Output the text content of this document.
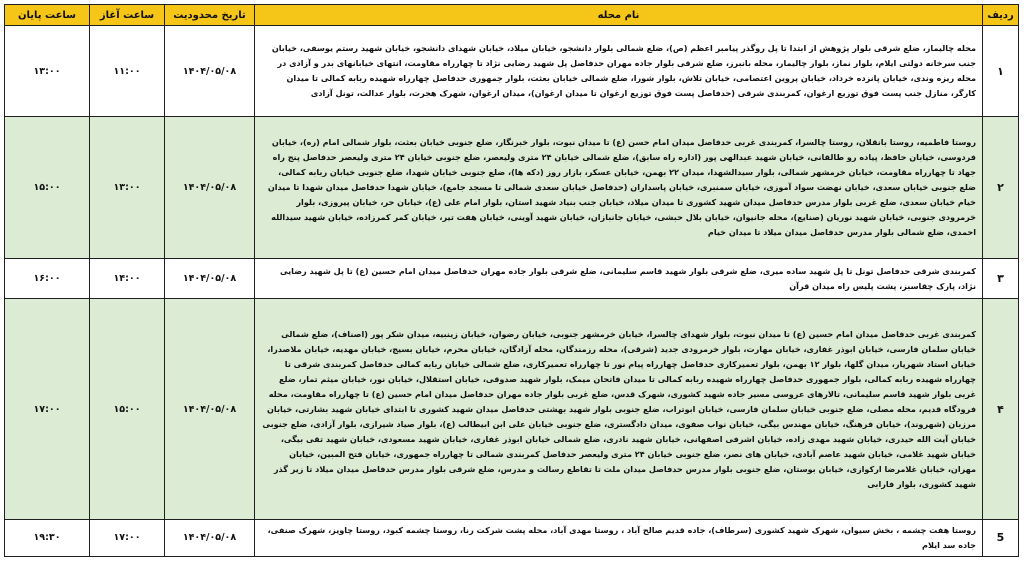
ردیف	نام محله	تاریخ محدودیت	ساعت آغاز	ساعت پایان
۱	محله چالیمار، ضلع شرقی بلوار پژوهش از ابتدا تا پل روگذر پیامبر اعظم (ص)، ضلع شمالی بلوار دانشجو، خیابان میلاد، خیابان شهدای دانشجو، خیابان شهید رستم یوسفی، خیابان جنب سرخانه دولتی ایلام، بلوار نماز، بلوار چالیمار، محله بانبرز، ضلع شرقی بلوار جاده مهران حدفاصل پل شهید رضایی نژاد تا چهارراه مقاومت، انتهای خیابانهای بدر و آزادی در محله ریزه وندی، خیابان پانزده خرداد، خیابان پروین اعتصامی، خیابان تلاش، بلوار شورا، ضلع شمالی خیابان بعثت، بلوار جمهوری حدفاصل چهارراه شهیده ربابه کمالی تا میدان کارگر، منازل جنب پست فوق توزیع ارغوان، کمربندی شرقی (حدفاصل پست فوق توزیع ارغوان تا میدان ارغوان)، میدان ارغوان، شهرک هجرت، بلوار عدالت، تونل آزادی	۱۴۰۴/۰۵/۰۸	۱۱:۰۰	۱۳:۰۰
۲	روستا فاطمیه، روستا بانقلان، روستا چالسرا، کمربندی غربی حدفاصل میدان امام حسن (ع) تا میدان نبوت، بلوار خبرنگار، ضلع جنوبی خیابان بعثت، بلوار شمالی امام (ره)، خیابان فردوسی، خیابان حافظ، پیاده رو طالقانی، خیابان شهید عبدالهی پور (اداره راه سابق)، ضلع شمالی خیابان ۲۴ متری ولیعصر، ضلع جنوبی خیابان ۲۴ متری ولیعصر حدفاصل پنج راه جهاد تا چهارراه مقاومت، خیابان خرمشهر شمالی، بلوار سیدالشهدا، میدان ۲۲ بهمن، خیابان عسکر، بازار روز (دکه ها)، ضلع جنوبی خیابان شهدا، ضلع جنوبی خیابان ربابه کمالی، ضلع جنوبی خیابان سعدی، خیابان نهضت سواد آموزی، خیابان سمنبری، خیابان پاسداران (حدفاصل خیابان سعدی شمالی تا مسجد جامع)، خیابان شهدا حدفاصل میدان شهدا تا میدان خیام خیابان سعدی، ضلع غربی بلوار مدرس حدفاصل میدان شهید کشوری تا میدان میلاد، خیابان جنب بنیاد شهید استان، بلوار امام علی (ع)، خیابان حر، خیابان پیروزی، بلوار خرمرودی جنوبی، خیابان شهید نوریان (صنایع)، محله جانیوان، خیابان بلال حبشی، خیابان جانبازان، خیابان شهید آوینی، خیابان هفت تیر، خیابان کمر کمرزاده، خیابان شهید سیدالله احمدی، ضلع شمالی بلوار مدرس حدفاصل میدان میلاد تا میدان خیام	۱۴۰۴/۰۵/۰۸	۱۳:۰۰	۱۵:۰۰
۳	کمربندی شرقی حدفاصل تونل تا پل شهید ساده میری، ضلع شرقی بلوار شهید قاسم سلیمانی، ضلع شرقی بلوار جاده مهران حدفاصل میدان امام حسین (ع) تا پل شهید رضایی نژاد، پارک چقاسبز، پشت پلیس راه میدان قرآن	۱۴۰۴/۰۵/۰۸	۱۴:۰۰	۱۶:۰۰
۴	کمربندی غربی حدفاصل میدان امام حسین (ع) تا میدان نبوت، بلوار شهدای چالسرا، خیابان خرمشهر جنوبی، خیابان رضوان، خیابان زینبیه، میدان شکر پور (اصناف)، ضلع شمالی خیابان سلمان فارسی، خیابان ابوذر غفاری، خیابان مهارت، بلوار خرمرودی جدید (شرقی)، محله رزمندگان، محله آزادگان، خیابان محرم، خیابان بسیج، خیابان مهدیه، خیابان ملاصدرا، خیابان استاد شهریار، میدان گلها، بلوار ۱۲ بهمن، بلوار تعمیرکاری حدفاصل چهارراه پیام نور تا چهارراه تعمیرکاری، ضلع شمالی خیابان ربابه کمالی حدفاصل کمربندی شرقی تا چهارراه شهیده ربابه کمالی، بلوار جمهوری حدفاصل چهارراه شهیده ربابه کمالی تا میدان فاتحان میمک، بلوار شهید صدوقی، خیابان استقلال، خیابان نور، خیابان میثم تمار، ضلع غربی بلوار شهید قاسم سلیمانی، تالارهای عروسی مسیر جاده شهید کشوری، شهرک قدس، ضلع غربی بلوار جاده مهران حدفاصل میدان امام حسین (ع) تا چهارراه مقاومت، محله فرودگاه قدیم، محله مصلی، ضلع جنوبی خیابان سلمان فارسی، خیابان ابوتراب، ضلع جنوبی بلوار شهید بهشتی حدفاصل میدان شهید کشوری تا ابتدای خیابان شهید بشارتی، خیابان مرزبان (شهروند)، خیابان فرهنگ، خیابان مهندس بیگی، خیابان نواب صفوی، میدان دادگستری، ضلع جنوبی خیابان علی ابن ابیطالب (ع)، بلوار صیاد شیرازی، بلوار آزادی، ضلع جنوبی خیابان آیت الله حیدری، خیابان شهید مهدی زاده، خیابان اشرفی اصفهانی، خیابان شهید نادری، ضلع شمالی خیابان ابوذر غفاری، خیابان شهید مسعودی، خیابان شهید تقی بیگی، خیابان شهید غلامی، خیابان شهید عاصم آبادی، خیابان های نصر، ضلع جنوبی خیابان ۲۴ متری ولیعصر حدفاصل کمربندی شمالی تا چهارراه جمهوری، خیابان فتح المبین، خیابان مهران، خیابان غلامرضا ارکوازی، خیابان بوستان، ضلع جنوبی بلوار مدرس حدفاصل میدان ملت تا تقاطع رسالت و مدرس، ضلع شرقی بلوار مدرس حدفاصل میدان میلاد تا زیر گذر شهید کشوری، بلوار فارابی	۱۴۰۴/۰۵/۰۸	۱۵:۰۰	۱۷:۰۰
5	روستا هفت چشمه ، بخش سیوان، شهرک شهید کشوری (سرطاف)، جاده قدیم صالح آباد ، روستا مهدی آباد، محله پشت شرکت رنا، روستا چشمه کبود، روستا چاویز، شهرک صنفی، جاده سد ایلام	۱۴۰۴/۰۵/۰۸	۱۷:۰۰	۱۹:۳۰
